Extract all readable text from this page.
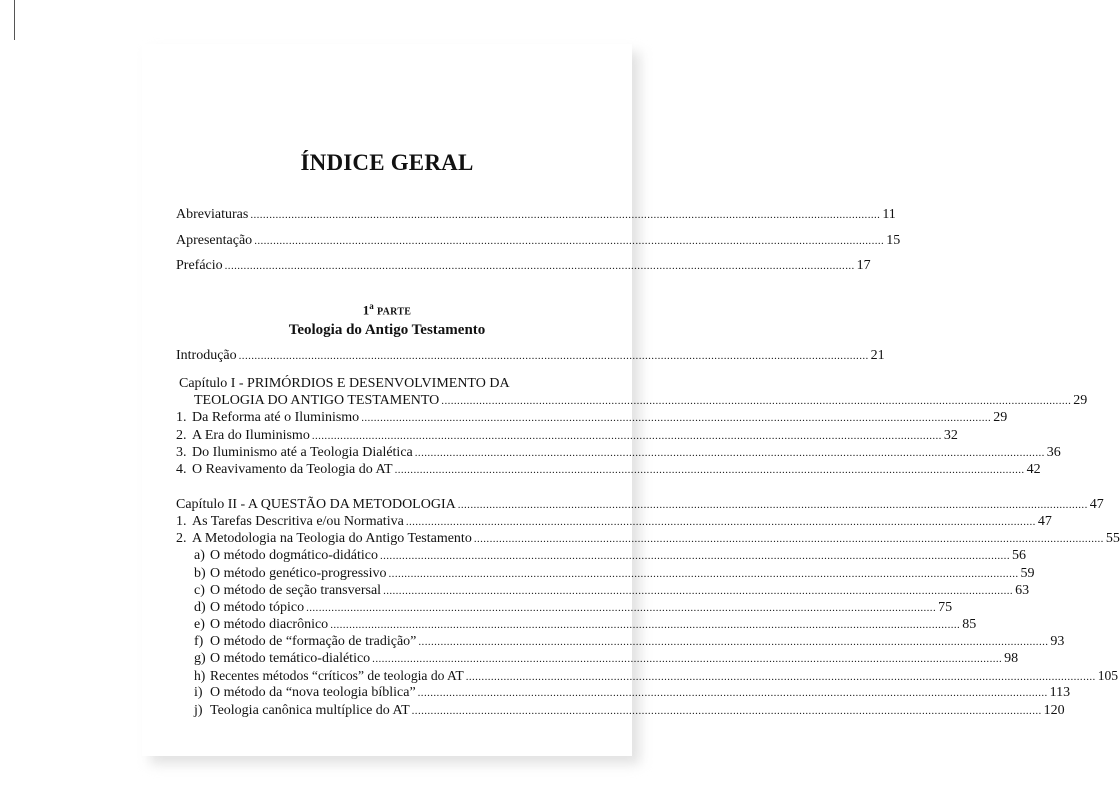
ÍNDICE GERAL
Abreviaturas ........................................................................................................................................................................................................ 11
Apresentação ........................................................................................................................................................................................................ 15
Prefácio ........................................................................................................................................................................................................ 17
1$^a$ PARTE
Teologia do Antigo Testamento
Introdução ........................................................................................................................................................................................................ 21
Capítulo I - PRIMÓRDIOS E DESENVOLVIMENTO DA
TEOLOGIA DO ANTIGO TESTAMENTO ........................................................................................................................................................................................................ 29
1. Da Reforma até o Iluminismo ........................................................................................................................................................................................................ 29
2. A Era do Iluminismo ........................................................................................................................................................................................................ 32
3. Do Iluminismo até a Teologia Dialética ........................................................................................................................................................................................................ 36
4. O Reavivamento da Teologia do AT ........................................................................................................................................................................................................ 42
Capítulo II - A QUESTÃO DA METODOLOGIA ........................................................................................................................................................................................................ 47
1. As Tarefas Descritiva e/ou Normativa ........................................................................................................................................................................................................ 47
2. A Metodologia na Teologia do Antigo Testamento ........................................................................................................................................................................................................ 55
a) O método dogmático-didático ........................................................................................................................................................................................................ 56
b) O método genético-progressivo ........................................................................................................................................................................................................ 59
c) O método de seção transversal ........................................................................................................................................................................................................ 63
d) O método tópico ........................................................................................................................................................................................................ 75
e) O método diacrônico ........................................................................................................................................................................................................ 85
f) O método de “formação de tradição” ........................................................................................................................................................................................................ 93
g) O método temático-dialético ........................................................................................................................................................................................................ 98
h) Recentes métodos “críticos” de teologia do AT ........................................................................................................................................................................................................ 105
i) O método da “nova teologia bíblica” ........................................................................................................................................................................................................ 113
j) Teologia canônica multíplice do AT ........................................................................................................................................................................................................ 120
